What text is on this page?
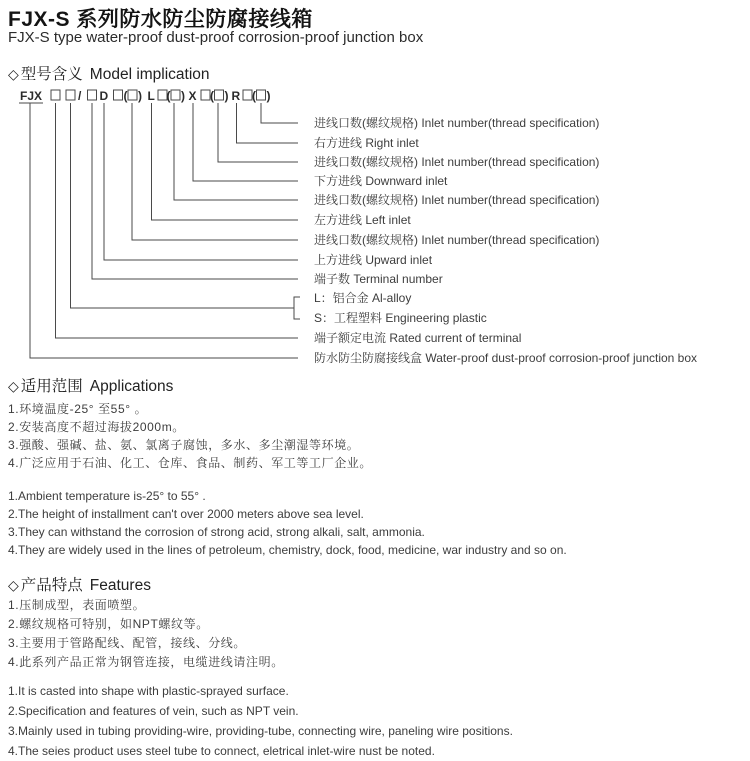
FJX-S 系列防水防尘防腐接线箱
FJX-S type water-proof dust-proof corrosion-proof junction box
◇ 型号含义 Model implication
FJX	/ D ( ) L ( ) X ( ) R ( )
进线口数(螺纹规格) Inlet number(thread specification)
右方进线 Right inlet
进线口数(螺纹规格) Inlet number(thread specification)
下方进线 Downward inlet
进线口数(螺纹规格) Inlet number(thread specification)
左方进线 Left inlet
进线口数(螺纹规格) Inlet number(thread specification)
上方进线 Upward inlet
端子数 Terminal number
L：铝合金 Al-alloy
S：工程塑料 Engineering plastic
端子额定电流 Rated current of terminal
防水防尘防腐接线盒 Water-proof dust-proof corrosion-proof junction box
◇ 适用范围 Applications
1.环境温度-25° 至55° 。
2.安装高度不超过海拔2000m。
3.强酸、强碱、盐、氨、氯离子腐蚀，多水、多尘潮湿等环境。
4.广泛应用于石油、化工、仓库、食品、制药、军工等工厂企业。
1.Ambient temperature is-25° to 55° .
2.The height of installment can't over 2000 meters above sea level.
3.They can withstand the corrosion of strong acid, strong alkali, salt, ammonia.
4.They are widely used in the lines of petroleum, chemistry, dock, food, medicine, war industry and so on.
◇ 产品特点 Features
1.压制成型，表面喷塑。
2.螺纹规格可特别，如NPT螺纹等。
3.主要用于管路配线、配管，接线、分线。
4.此系列产品正常为钢管连接，电缆进线请注明。
1.It is casted into shape with plastic-sprayed surface.
2.Specification and features of vein, such as NPT vein.
3.Mainly used in tubing providing-wire, providing-tube, connecting wire, paneling wire positions.
4.The seies product uses steel tube to connect, eletrical inlet-wire nust be noted.
